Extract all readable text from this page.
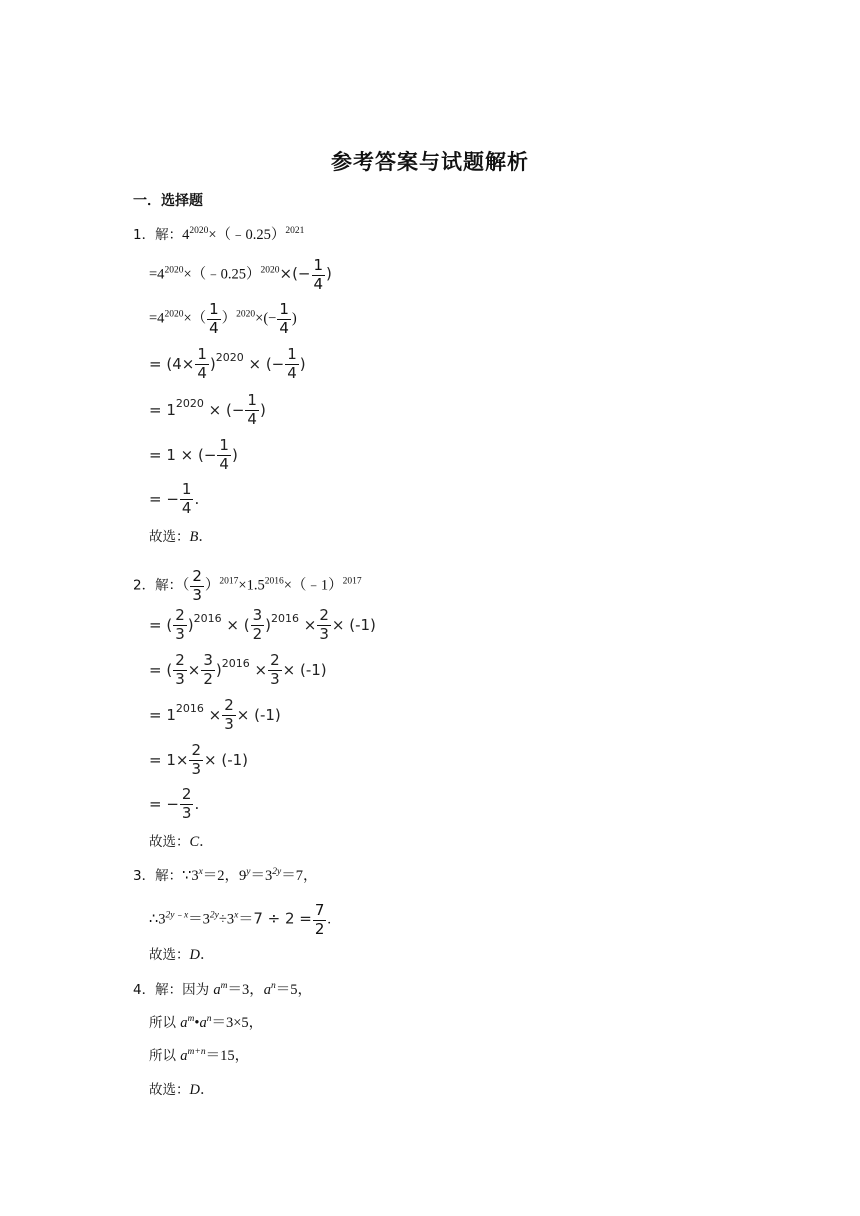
参考答案与试题解析
一．选择题
1．解：$4^{2020}\times(﹣0.25)^{2021}$
$=4^{2020}\times(﹣0.25)^{2020}\times(- \frac{1}{4}$ )
$=4^{2020}\times( \frac{1}{4} )^{2020}\times(- \frac{1}{4}$ )
= $(4\times \frac{1}{4} )^{2020}$ × (− $\frac{1}{4}$ )
= $1^{2020}$ × (− $\frac{1}{4}$ )
= 1 × (− $\frac{1}{4}$ )
= − $\frac{1}{4}$ .
故选：B．
2．解：（ $\frac{2}{3}$ ）$^{2017}\times 1.5^{2016}\times(﹣1)^{2017}$
= ( $\frac{2}{3} )^{2016}$ × ( $\frac{3}{2} )^{2016} \times \frac{2}{3} \times (-1)$
= ( $\frac{2}{3} \times \frac{3}{2} )^{2016} \times \frac{2}{3} \times (-1)$
= $1^{2016} \times \frac{2}{3} \times (-1)$
= $1\times \frac{2}{3} \times (-1)$
= − $\frac{2}{3}$ .
故选：C．
3．解：$\because 3^x=2$，$9^y=3^{2y}=7$，
$\therefore 3^{2y﹣x}=3^{2y}\div 3^x=7 \div 2 = \frac{7}{2}$ .
故选：D．
4．解：因为 $a^m=3$，$a^n=5$，
所以 $a^m•a^n=3\times 5$，
所以 $a^{m+n}=15$，
故选：D．
